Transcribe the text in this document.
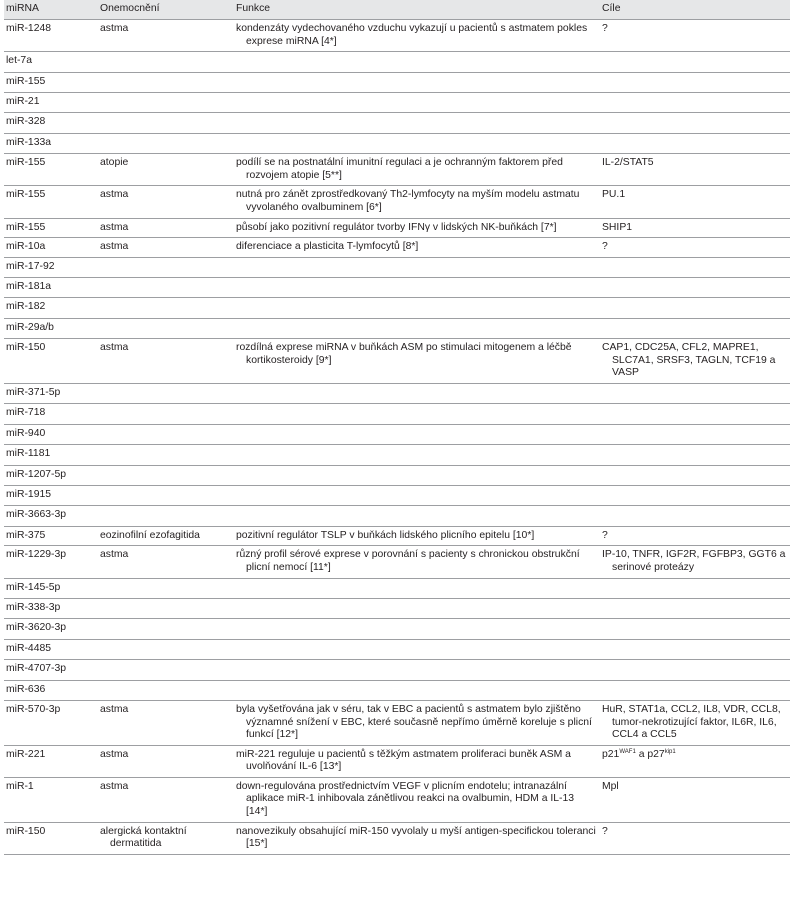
miRNA	Onemocnění	Funkce	Cíle
miR-1248	astma	kondenzáty vydechovaného vzduchu vykazují u pacientů s astmatem pokles exprese miRNA [4*]	?
let-7a			
miR-155			
miR-21			
miR-328			
miR-133a			
miR-155	atopie	podílí se na postnatální imunitní regulaci a je ochranným faktorem před rozvojem atopie [5**]	IL-2/STAT5
miR-155	astma	nutná pro zánět zprostředkovaný Th2-lymfocyty na myším modelu astmatu vyvolaného ovalbuminem [6*]	PU.1
miR-155	astma	působí jako pozitivní regulátor tvorby IFNγ v lidských NK-buňkách [7*]	SHIP1
miR-10a	astma	diferenciace a plasticita T-lymfocytů [8*]	?
miR-17-92			
miR-181a			
miR-182			
miR-29a/b			
miR-150	astma	rozdílná exprese miRNA v buňkách ASM po stimulaci mitogenem a léčbě kortikosteroidy [9*]	CAP1, CDC25A, CFL2, MAPRE1, SLC7A1, SRSF3, TAGLN, TCF19 a VASP
miR-371-5p			
miR-718			
miR-940			
miR-1181			
miR-1207-5p			
miR-1915			
miR-3663-3p			
miR-375	eozinofilní ezofagitida	pozitivní regulátor TSLP v buňkách lidského plicního epitelu [10*]	?
miR-1229-3p	astma	různý profil sérové exprese v porovnání s pacienty s chronickou obstrukční plicní nemocí [11*]	IP-10, TNFR, IGF2R, FGFBP3, GGT6 a serinové proteázy
miR-145-5p			
miR-338-3p			
miR-3620-3p			
miR-4485			
miR-4707-3p			
miR-636			
miR-570-3p	astma	byla vyšetřována jak v séru, tak v EBC a pacientů s astmatem bylo zjištěno významné snížení v EBC, které současně nepřímo úměrně koreluje s plicní funkcí [12*]	HuR, STAT1a, CCL2, IL8, VDR, CCL8, tumor-nekrotizující faktor, IL6R, IL6, CCL4 a CCL5
miR-221	astma	miR-221 reguluje u pacientů s těžkým astmatem proliferaci buněk ASM a uvolňování IL-6 [13*]	$p21^{WAF1}$ a $p27^{kip1}$
miR-1	astma	down-regulována prostřednictvím VEGF v plicním endotelu; intranazální aplikace miR-1 inhibovala zánětlivou reakci na ovalbumin, HDM a IL-13 [14*]	Mpl
miR-150	alergická kontaktní dermatitida	nanovezikuly obsahující miR-150 vyvolaly u myší antigen-specifickou toleranci [15*]	?
